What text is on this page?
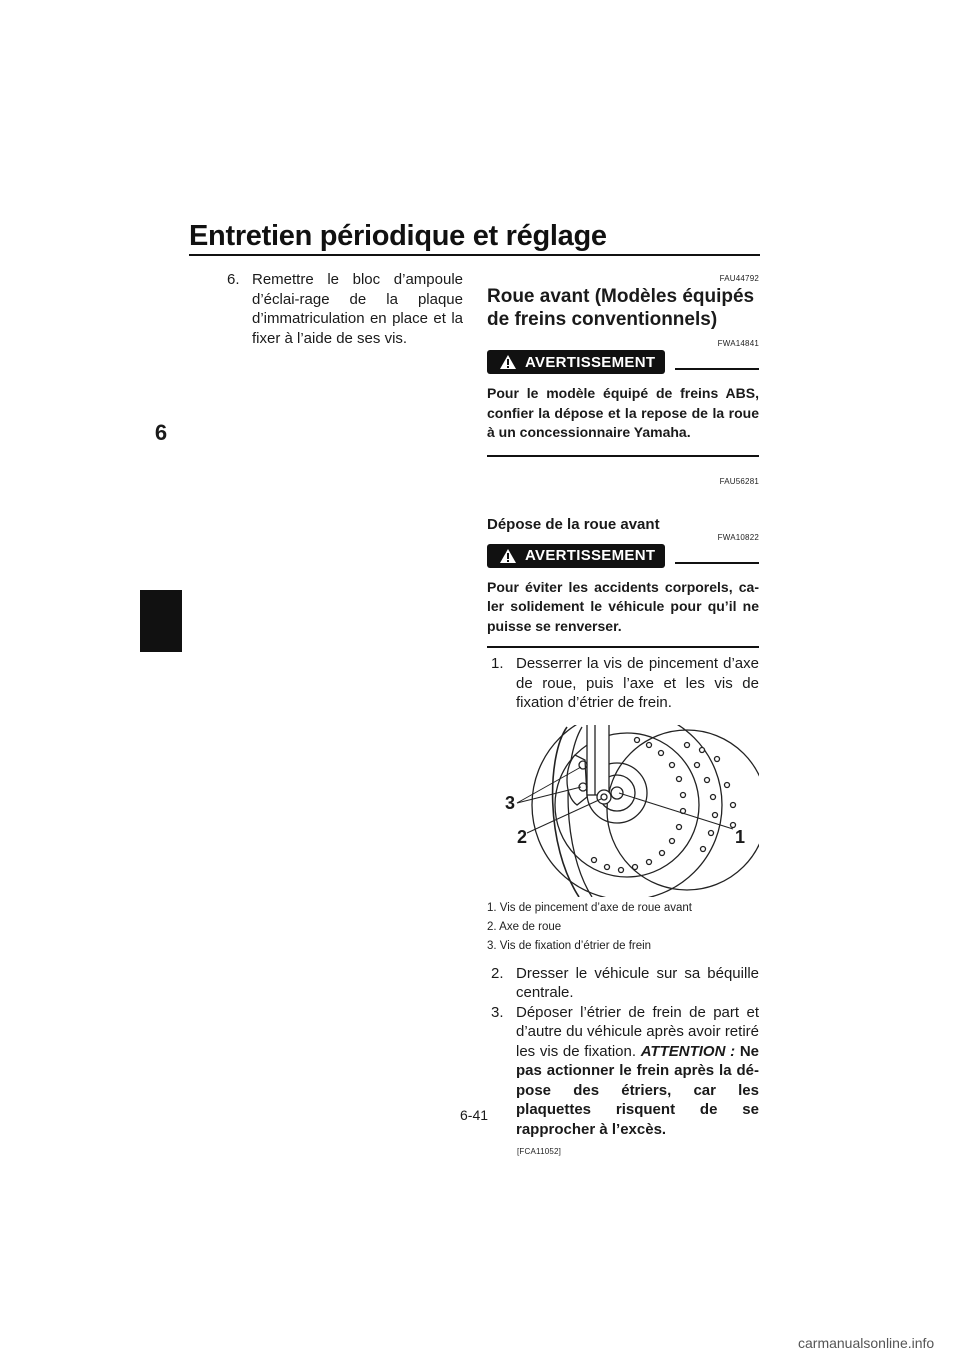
Entretien périodique et réglage
6
6. Remettre le bloc d’ampoule d’éclai-rage de la plaque d’immatriculation en place et la fixer à l’aide de ses vis.
FAU44792
Roue avant (Modèles équipés de freins conventionnels)
FWA14841
AVERTISSEMENT
Pour le modèle équipé de freins ABS, confier la dépose et la repose de la roue à un concessionnaire Yamaha.
FAU56281
Dépose de la roue avant
FWA10822
AVERTISSEMENT
Pour éviter les accidents corporels, ca-ler solidement le véhicule pour qu’il ne puisse se renverser.
1. Desserrer la vis de pincement d’axe de roue, puis l’axe et les vis de fixation d’étrier de frein.
3
2	1
1. Vis de pincement d’axe de roue avant
2. Axe de roue
3. Vis de fixation d’étrier de frein
2. Dresser le véhicule sur sa béquille centrale.
3. Déposer l’étrier de frein de part et d’autre du véhicule après avoir retiré les vis de fixation. ATTENTION : Ne pas actionner le frein après la dé-pose des étriers, car les plaquettes risquent de se rapprocher à l’excès.
[FCA11052]
6-41
carmanualsonline.info
